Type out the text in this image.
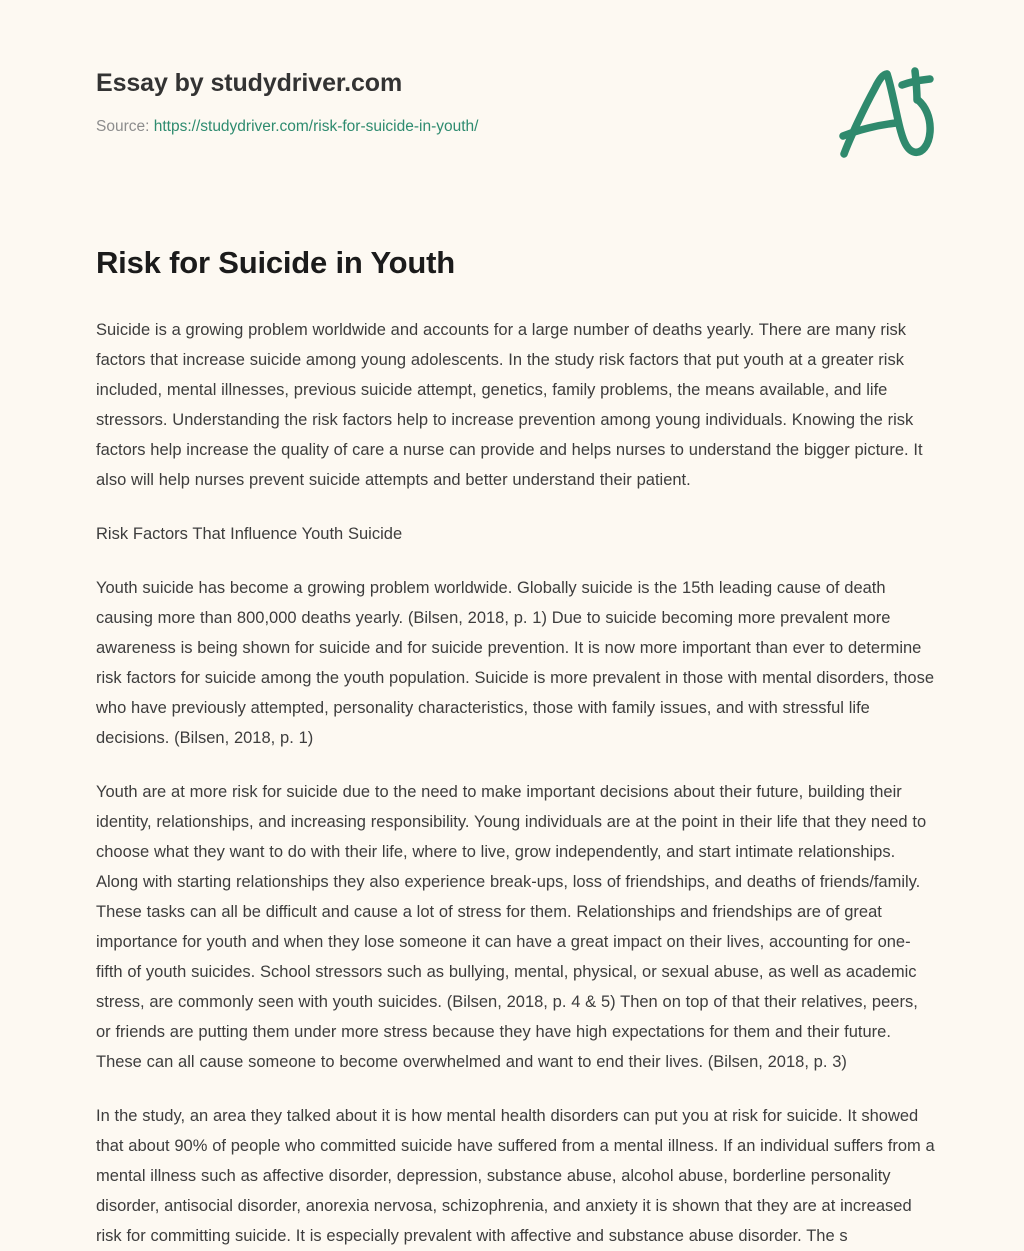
Essay by studydriver.com
Source: https://studydriver.com/risk-for-suicide-in-youth/
Risk for Suicide in Youth

Suicide is a growing problem worldwide and accounts for a large number of deaths yearly. There are many risk factors that increase suicide among young adolescents. In the study risk factors that put youth at a greater risk included, mental illnesses, previous suicide attempt, genetics, family problems, the means available, and life stressors. Understanding the risk factors help to increase prevention among young individuals. Knowing the risk factors help increase the quality of care a nurse can provide and helps nurses to understand the bigger picture. It also will help nurses prevent suicide attempts and better understand their patient.

Risk Factors That Influence Youth Suicide

Youth suicide has become a growing problem worldwide. Globally suicide is the 15th leading cause of death causing more than 800,000 deaths yearly. (Bilsen, 2018, p. 1) Due to suicide becoming more prevalent more awareness is being shown for suicide and for suicide prevention. It is now more important than ever to determine risk factors for suicide among the youth population. Suicide is more prevalent in those with mental disorders, those who have previously attempted, personality characteristics, those with family issues, and with stressful life decisions. (Bilsen, 2018, p. 1)

Youth are at more risk for suicide due to the need to make important decisions about their future, building their identity, relationships, and increasing responsibility. Young individuals are at the point in their life that they need to choose what they want to do with their life, where to live, grow independently, and start intimate relationships. Along with starting relationships they also experience break-ups, loss of friendships, and deaths of friends/family. These tasks can all be difficult and cause a lot of stress for them. Relationships and friendships are of great importance for youth and when they lose someone it can have a great impact on their lives, accounting for one-fifth of youth suicides. School stressors such as bullying, mental, physical, or sexual abuse, as well as academic stress, are commonly seen with youth suicides. (Bilsen, 2018, p. 4 & 5) Then on top of that their relatives, peers, or friends are putting them under more stress because they have high expectations for them and their future. These can all cause someone to become overwhelmed and want to end their lives. (Bilsen, 2018, p. 3)

In the study, an area they talked about it is how mental health disorders can put you at risk for suicide. It showed that about 90% of people who committed suicide have suffered from a mental illness. If an individual suffers from a mental illness such as affective disorder, depression, substance abuse, alcohol abuse, borderline personality disorder, antisocial disorder, anorexia nervosa, schizophrenia, and anxiety it is shown that they are at increased risk for committing suicide. It is especially prevalent with affective and substance abuse disorder. The s
